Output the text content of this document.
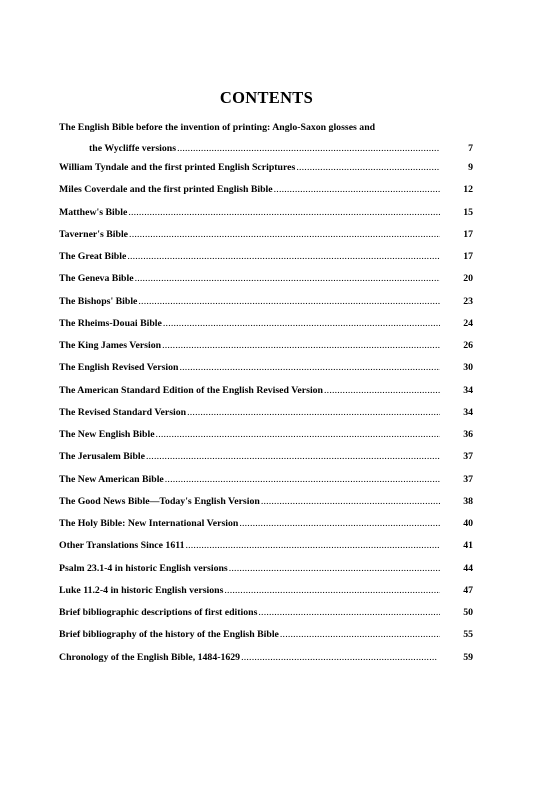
CONTENTS
The English Bible before the invention of printing: Anglo-Saxon glosses and
the Wycliffe versions .....	7
William Tyndale and the first printed English Scriptures .....	9
Miles Coverdale and the first printed English Bible .....	12
Matthew's Bible .....	15
Taverner's Bible .....	17
The Great Bible .....	17
The Geneva Bible .....	20
The Bishops' Bible .....	23
The Rheims-Douai Bible .....	24
The King James Version .....	26
The English Revised Version .....	30
The American Standard Edition of the English Revised Version .....	34
The Revised Standard Version .....	34
The New English Bible .....	36
The Jerusalem Bible .....	37
The New American Bible .....	37
The Good News Bible—Today's English Version .....	38
The Holy Bible: New International Version .....	40
Other Translations Since 1611 .....	41
Psalm 23.1-4 in historic English versions .....	44
Luke 11.2-4 in historic English versions .....	47
Brief bibliographic descriptions of first editions .....	50
Brief bibliography of the history of the English Bible .....	55
Chronology of the English Bible, 1484-1629 .....	59
